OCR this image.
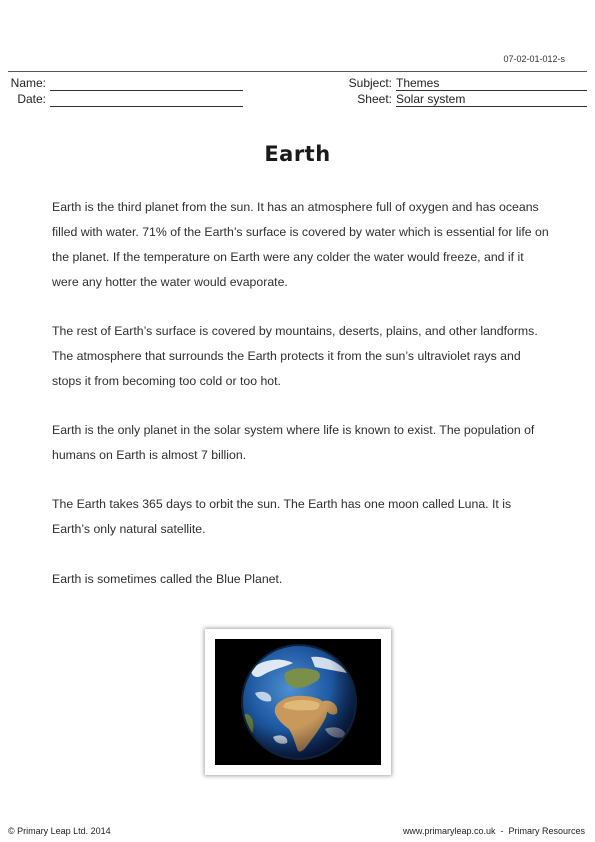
07-02-01-012-s
Name:
Date:
Subject: Themes
Sheet: Solar system
Earth

Earth is the third planet from the sun. It has an atmosphere full of oxygen and has oceans filled with water. 71% of the Earth’s surface is covered by water which is essential for life on the planet. If the temperature on Earth were any colder the water would freeze, and if it were any hotter the water would evaporate.

The rest of Earth’s surface is covered by mountains, deserts, plains, and other landforms. The atmosphere that surrounds the Earth protects it from the sun’s ultraviolet rays and stops it from becoming too cold or too hot.

Earth is the only planet in the solar system where life is known to exist. The population of humans on Earth is almost 7 billion.

The Earth takes 365 days to orbit the sun. The Earth has one moon called Luna. It is Earth’s only natural satellite.

Earth is sometimes called the Blue Planet.

© Primary Leap Ltd. 2014	www.primaryleap.co.uk  -  Primary Resources
